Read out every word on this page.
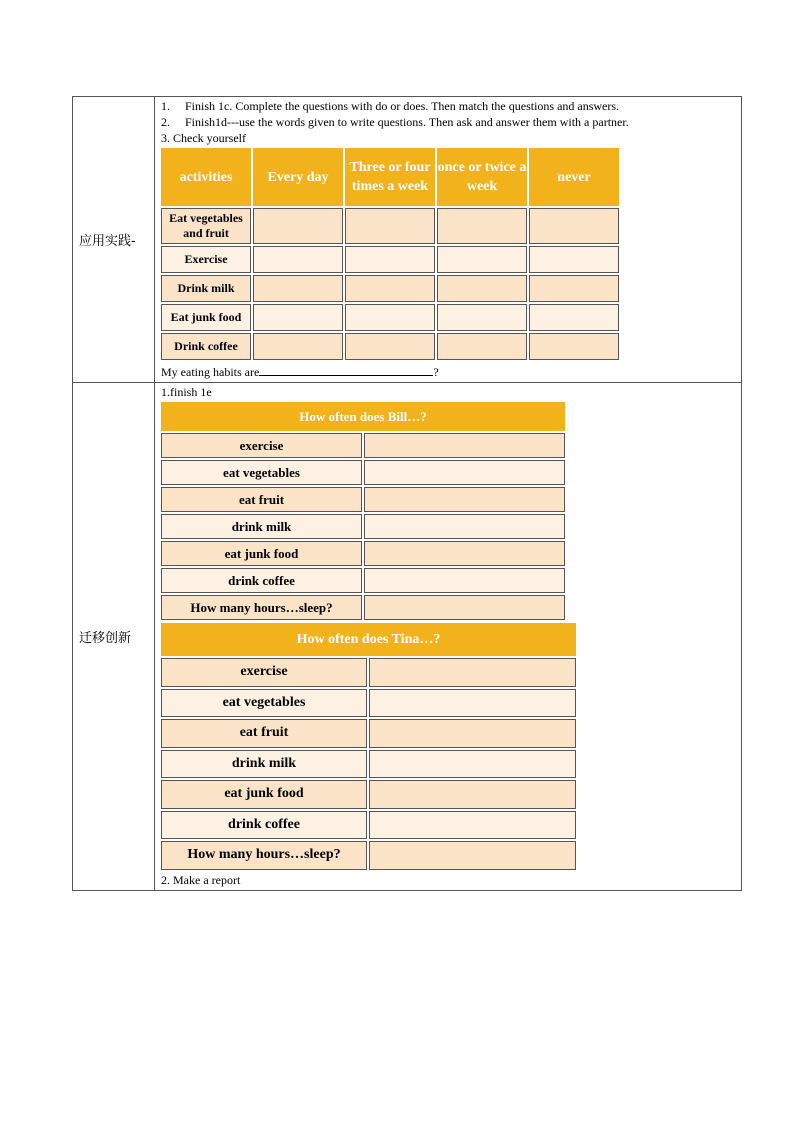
应用实践-	
1. Finish 1c. Complete the questions with do or does. Then match the questions and answers.
2. Finish1d---use the words given to write questions. Then ask and answer them with a partner.
3. Check yourself
activities	Every day	Three or four times a week	once or twice a week	never
Eat vegetables and fruit				
Exercise				
Drink milk				
Eat junk food				
Drink coffee				
My eating habits are	?

迁移创新	
1.finish 1e
How often does Bill…?
exercise	
eat vegetables	
eat fruit	
drink milk	
eat junk food	
drink coffee	
How many hours…sleep?	
How often does Tina…?
exercise	
eat vegetables	
eat fruit	
drink milk	
eat junk food	
drink coffee	
How many hours…sleep?	
2. Make a report
